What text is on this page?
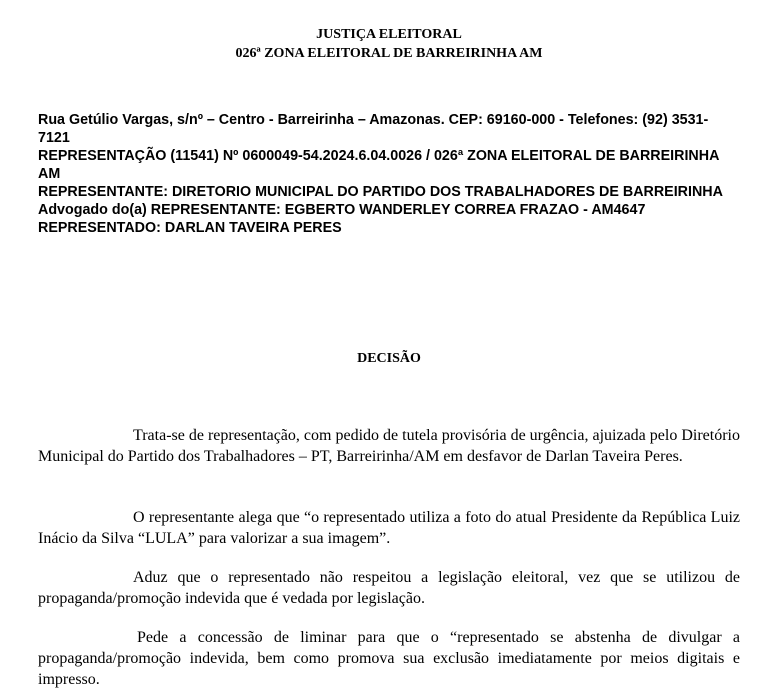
JUSTIÇA ELEITORAL
026ª ZONA ELEITORAL DE BARREIRINHA AM
Rua Getúlio Vargas, s/nº – Centro - Barreirinha – Amazonas. CEP: 69160-000 - Telefones: (92) 3531-7121
REPRESENTAÇÃO (11541) Nº 0600049-54.2024.6.04.0026 / 026ª ZONA ELEITORAL DE BARREIRINHA AM
REPRESENTANTE: DIRETORIO MUNICIPAL DO PARTIDO DOS TRABALHADORES DE BARREIRINHA
Advogado do(a) REPRESENTANTE: EGBERTO WANDERLEY CORREA FRAZAO - AM4647
REPRESENTADO: DARLAN TAVEIRA PERES
DECISÃO
Trata-se de representação, com pedido de tutela provisória de urgência, ajuizada pelo Diretório Municipal do Partido dos Trabalhadores – PT, Barreirinha/AM em desfavor de Darlan Taveira Peres.
O representante alega que “o representado utiliza a foto do atual Presidente da República Luiz Inácio da Silva “LULA” para valorizar a sua imagem”.
Aduz que o representado não respeitou a legislação eleitoral, vez que se utilizou de propaganda/promoção indevida que é vedada por legislação.
Pede a concessão de liminar para que o “representado se abstenha de divulgar a propaganda/promoção indevida, bem como promova sua exclusão imediatamente por meios digitais e impresso.
